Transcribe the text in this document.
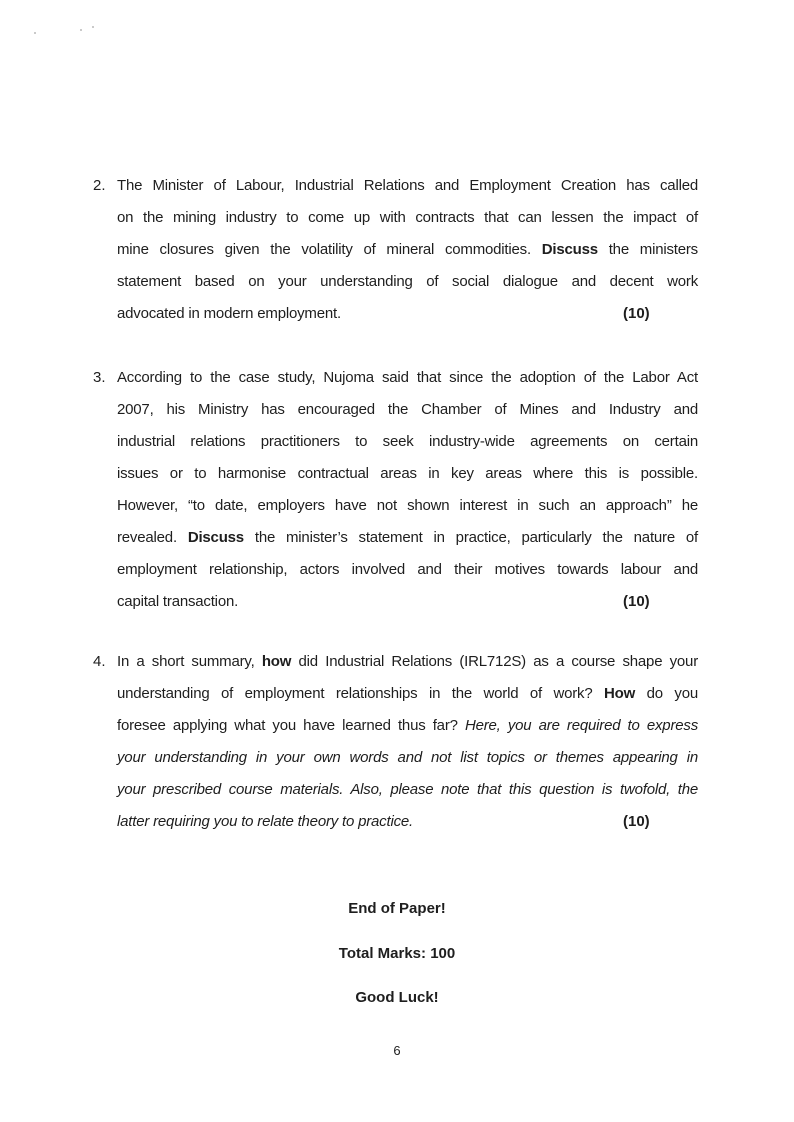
2. The Minister of Labour, Industrial Relations and Employment Creation has called
on the mining industry to come up with contracts that can lessen the impact of
mine closures given the volatility of mineral commodities. Discuss the ministers
statement based on your understanding of social dialogue and decent work
advocated in modern employment.	(10)
3. According to the case study, Nujoma said that since the adoption of the Labor Act
2007, his Ministry has encouraged the Chamber of Mines and Industry and
industrial relations practitioners to seek industry-wide agreements on certain
issues or to harmonise contractual areas in key areas where this is possible.
However, “to date, employers have not shown interest in such an approach” he
revealed. Discuss the minister’s statement in practice, particularly the nature of
employment relationship, actors involved and their motives towards labour and
capital transaction.	(10)
4. In a short summary, how did Industrial Relations (IRL712S) as a course shape your
understanding of employment relationships in the world of work? How do you
foresee applying what you have learned thus far? Here, you are required to express
your understanding in your own words and not list topics or themes appearing in
your prescribed course materials. Also, please note that this question is twofold, the
latter requiring you to relate theory to practice.	(10)
End of Paper!
Total Marks: 100
Good Luck!
6
